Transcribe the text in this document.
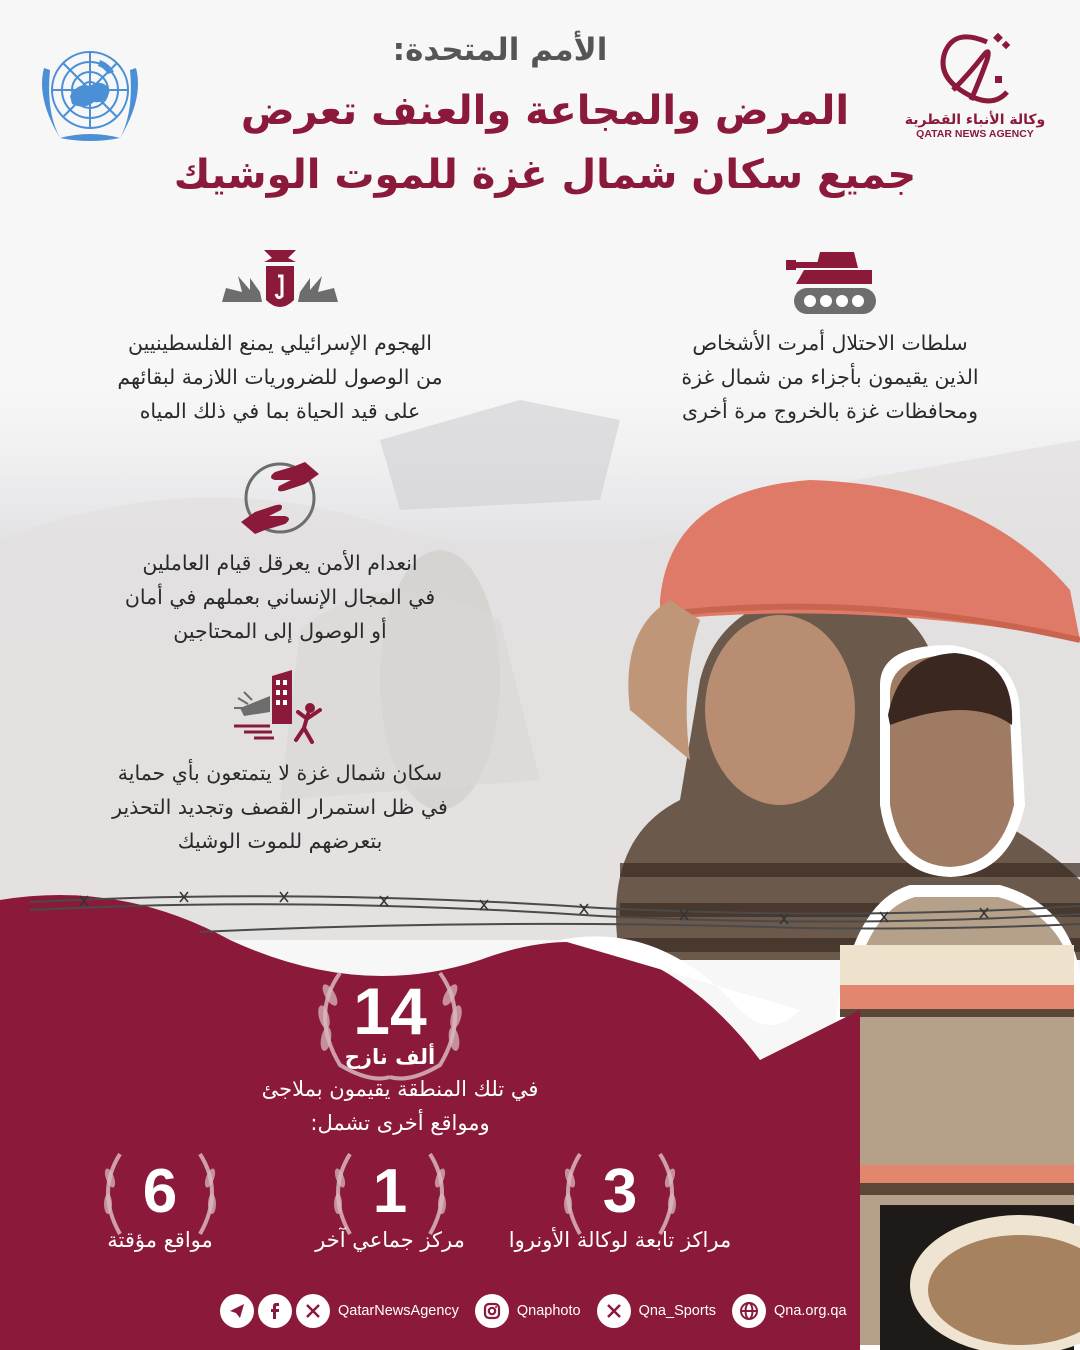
وكالة الأنباء القطرية
QATAR NEWS AGENCY
الأمم المتحدة:
المرض والمجاعة والعنف تعرض
جميع سكان شمال غزة للموت الوشيك
سلطات الاحتلال أمرت الأشخاص
الذين يقيمون بأجزاء من شمال غزة
ومحافظات غزة بالخروج مرة أخرى
الهجوم الإسرائيلي يمنع الفلسطينيين
من الوصول للضروريات اللازمة لبقائهم
على قيد الحياة بما في ذلك المياه
انعدام الأمن يعرقل قيام العاملين
في المجال الإنساني بعملهم في أمان
أو الوصول إلى المحتاجين
سكان شمال غزة لا يتمتعون بأي حماية
في ظل استمرار القصف وتجديد التحذير
بتعرضهم للموت الوشيك
14
ألف نازح
في تلك المنطقة يقيمون بملاجئ
ومواقع أخرى تشمل:
3
مراكز تابعة لوكالة الأونروا
1
مركز جماعي آخر
6
مواقع مؤقتة
QatarNewsAgency	Qnaphoto	Qna_Sports	Qna.org.qa
